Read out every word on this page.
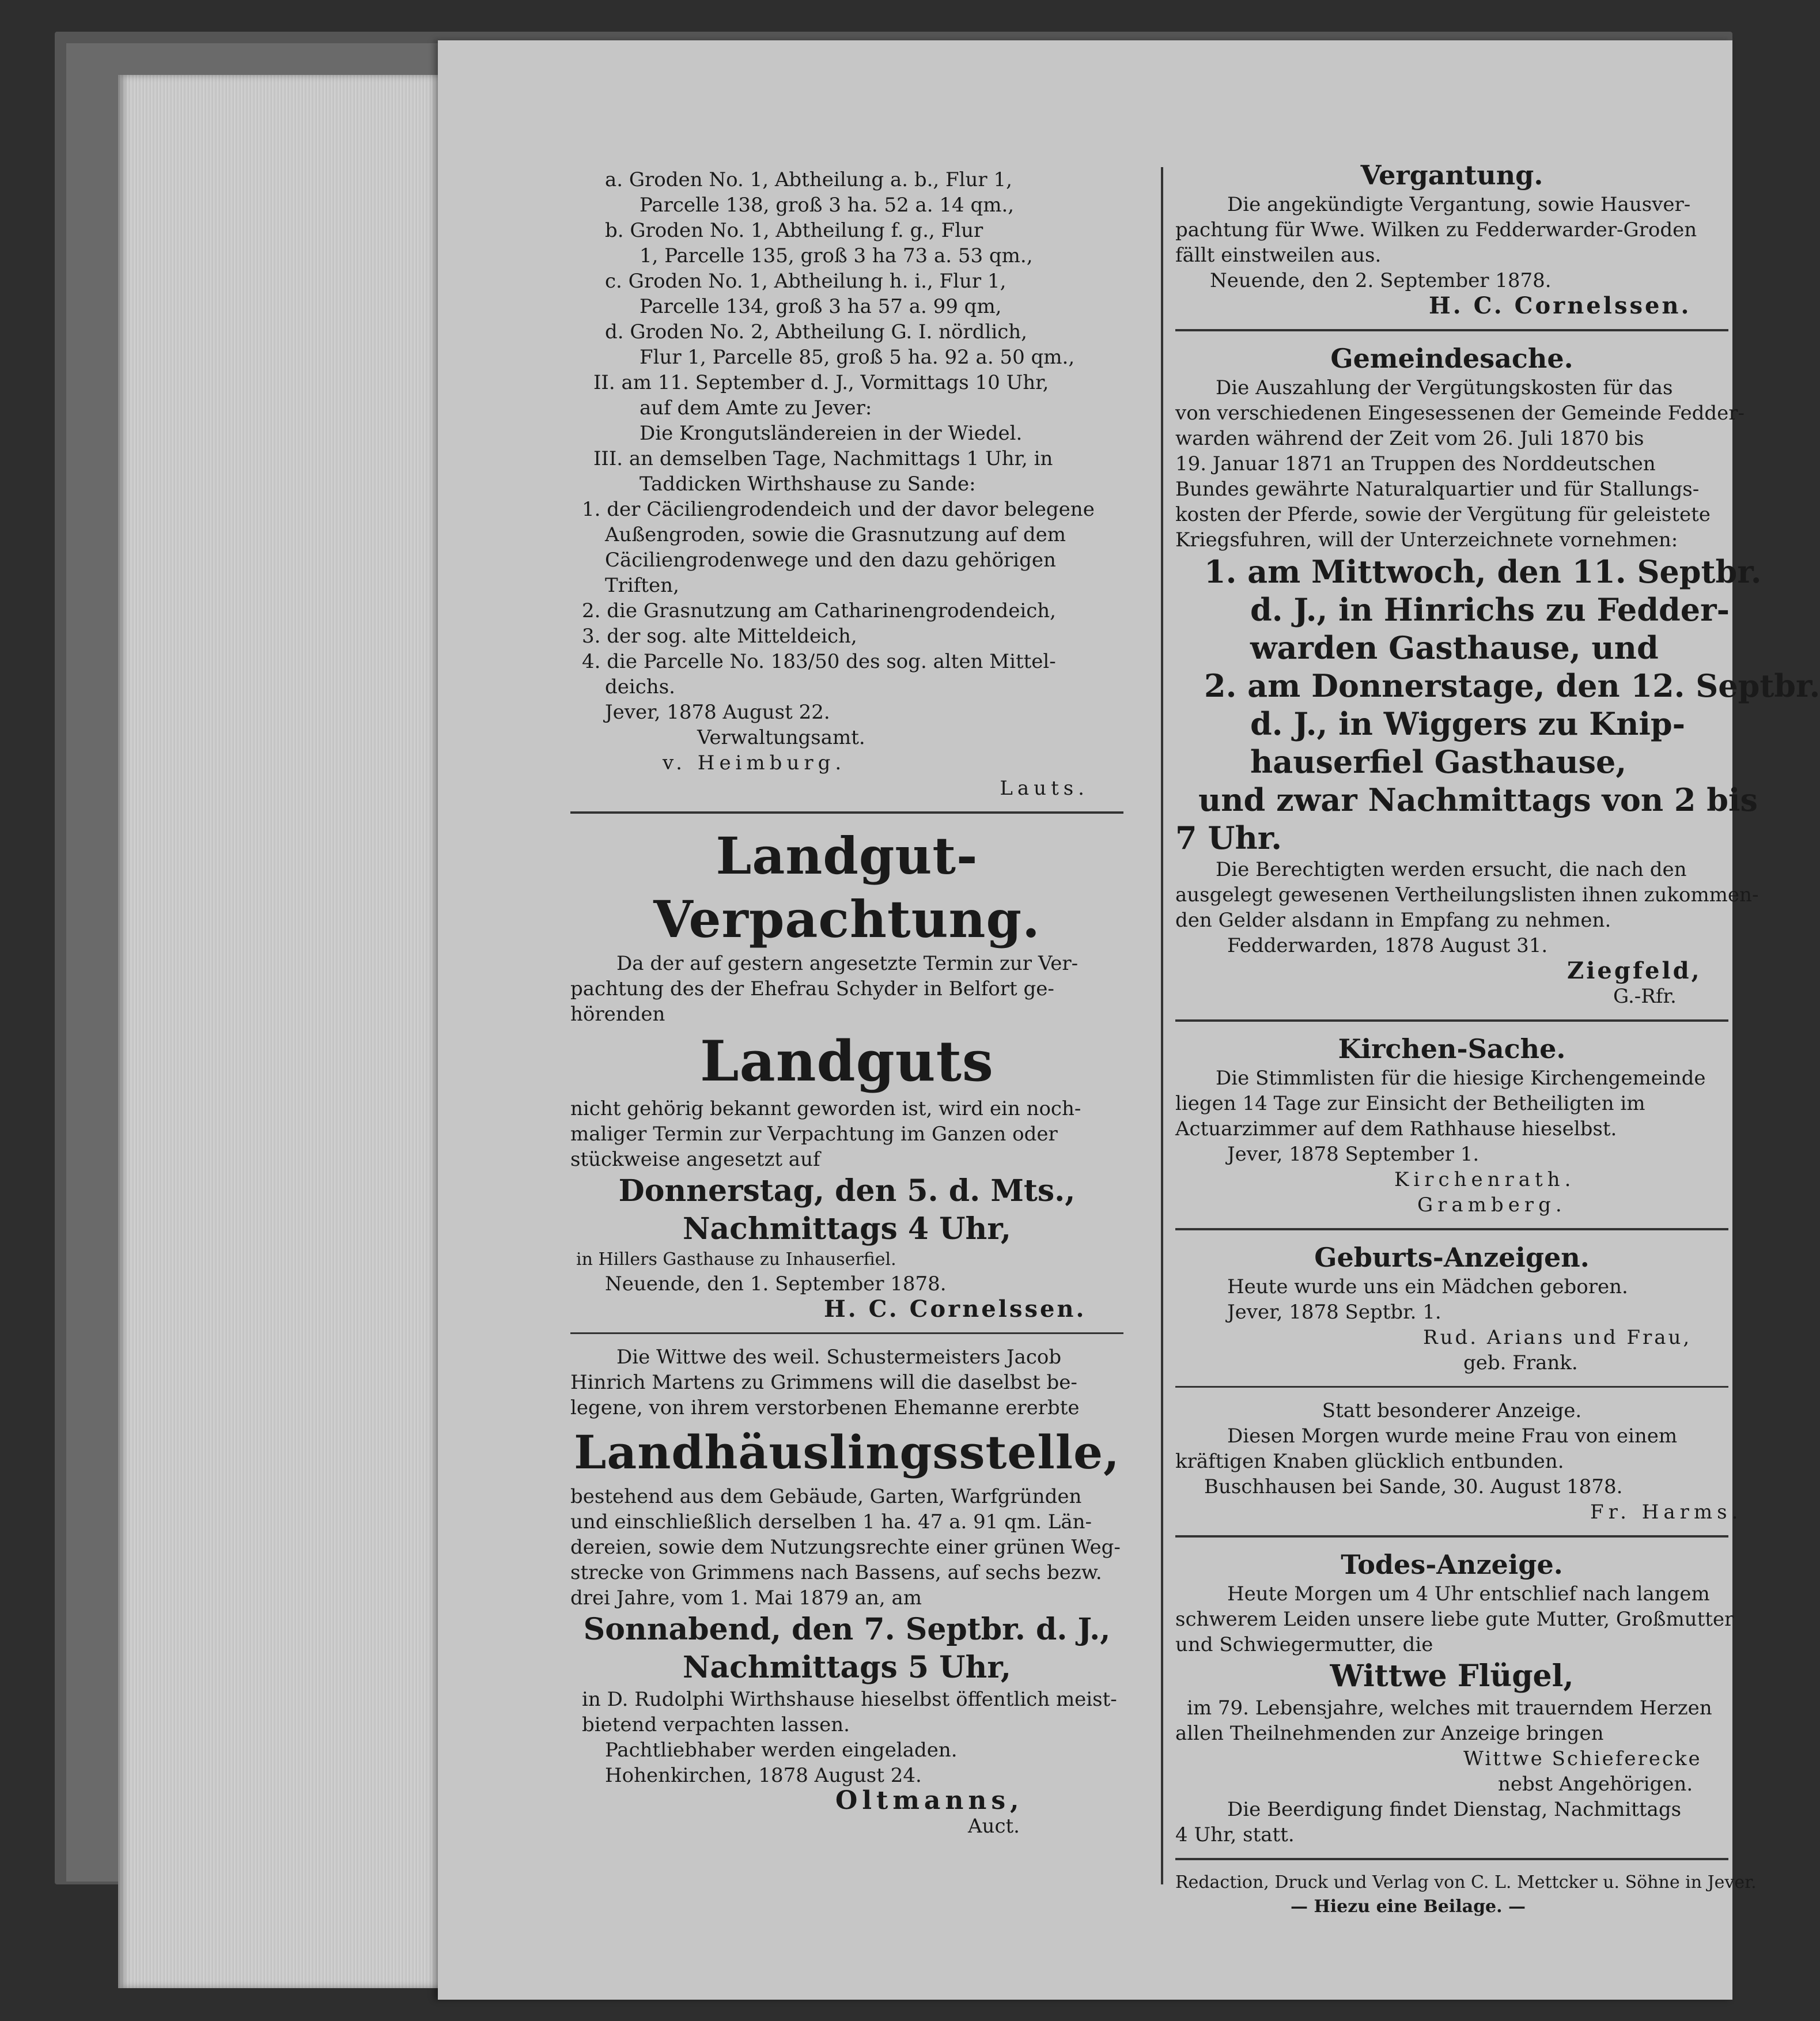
a. Groden No. 1, Abtheilung a. b., Flur 1,
Parcelle 138, groß 3 ha. 52 a. 14 qm.,
b. Groden No. 1, Abtheilung f. g., Flur
1, Parcelle 135, groß 3 ha 73 a. 53 qm.,
c. Groden No. 1, Abtheilung h. i., Flur 1,
Parcelle 134, groß 3 ha 57 a. 99 qm,
d. Groden No. 2, Abtheilung G. I. nördlich,
Flur 1, Parcelle 85, groß 5 ha. 92 a. 50 qm.,
II. am 11. September d. J., Vormittags 10 Uhr,
auf dem Amte zu Jever:
Die Krongutsländereien in der Wiedel.
III. an demselben Tage, Nachmittags 1 Uhr, in
Taddicken Wirthshause zu Sande:
1. der Cäciliengrodendeich und der davor belegene
Außengroden, sowie die Grasnutzung auf dem
Cäciliengrodenwege und den dazu gehörigen
Triften,
2. die Grasnutzung am Catharinengrodendeich,
3. der sog. alte Mitteldeich,
4. die Parcelle No. 183/50 des sog. alten Mittel-
deichs.
Jever, 1878 August 22.
Verwaltungsamt.
v. Heimburg.
Lauts.
Landgut-Verpachtung.
Da der auf gestern angesetzte Termin zur Ver-
pachtung des der Ehefrau Schyder in Belfort ge-
hörenden
Landguts
nicht gehörig bekannt geworden ist, wird ein noch-
maliger Termin zur Verpachtung im Ganzen oder
stückweise angesetzt auf
Donnerstag, den 5. d. Mts.,
Nachmittags 4 Uhr,
in Hillers Gasthause zu Inhauserfiel.
Neuende, den 1. September 1878.
H. C. Cornelssen.
Die Wittwe des weil. Schustermeisters Jacob
Hinrich Martens zu Grimmens will die daselbst be-
legene, von ihrem verstorbenen Ehemanne ererbte
Landhäuslingsstelle,
bestehend aus dem Gebäude, Garten, Warfgründen
und einschließlich derselben 1 ha. 47 a. 91 qm. Län-
dereien, sowie dem Nutzungsrechte einer grünen Weg-
strecke von Grimmens nach Bassens, auf sechs bezw.
drei Jahre, vom 1. Mai 1879 an, am
Sonnabend, den 7. Septbr. d. J.,
Nachmittags 5 Uhr,
in D. Rudolphi Wirthshause hieselbst öffentlich meist-
bietend verpachten lassen.
Pachtliebhaber werden eingeladen.
Hohenkirchen, 1878 August 24.
Oltmanns,
Auct.
Vergantung.
Die angekündigte Vergantung, sowie Hausver-
pachtung für Wwe. Wilken zu Fedderwarder-Groden
fällt einstweilen aus.
Neuende, den 2. September 1878.
H. C. Cornelssen.
Gemeindesache.
Die Auszahlung der Vergütungskosten für das
von verschiedenen Eingesessenen der Gemeinde Fedder-
warden während der Zeit vom 26. Juli 1870 bis
19. Januar 1871 an Truppen des Norddeutschen
Bundes gewährte Naturalquartier und für Stallungs-
kosten der Pferde, sowie der Vergütung für geleistete
Kriegsfuhren, will der Unterzeichnete vornehmen:
1. am Mittwoch, den 11. Septbr.
d. J., in Hinrichs zu Fedder-
warden Gasthause, und
2. am Donnerstage, den 12. Septbr.
d. J., in Wiggers zu Knip-
hauserfiel Gasthause,
und zwar Nachmittags von 2 bis
7 Uhr.
Die Berechtigten werden ersucht, die nach den
ausgelegt gewesenen Vertheilungslisten ihnen zukommen-
den Gelder alsdann in Empfang zu nehmen.
Fedderwarden, 1878 August 31.
Ziegfeld,
G.-Rfr.
Kirchen-Sache.
Die Stimmlisten für die hiesige Kirchengemeinde
liegen 14 Tage zur Einsicht der Betheiligten im
Actuarzimmer auf dem Rathhause hieselbst.
Jever, 1878 September 1.
Kirchenrath.
Gramberg.
Geburts-Anzeigen.
Heute wurde uns ein Mädchen geboren.
Jever, 1878 Septbr. 1.
Rud. Arians und Frau,
geb. Frank.
Statt besonderer Anzeige.
Diesen Morgen wurde meine Frau von einem
kräftigen Knaben glücklich entbunden.
Buschhausen bei Sande, 30. August 1878.
Fr. Harms.
Todes-Anzeige.
Heute Morgen um 4 Uhr entschlief nach langem
schwerem Leiden unsere liebe gute Mutter, Großmutter
und Schwiegermutter, die
Wittwe Flügel,
im 79. Lebensjahre, welches mit trauerndem Herzen
allen Theilnehmenden zur Anzeige bringen
Wittwe Schieferecke
nebst Angehörigen.
Die Beerdigung findet Dienstag, Nachmittags
4 Uhr, statt.
Redaction, Druck und Verlag von C. L. Mettcker u. Söhne in Jever.
— Hiezu eine Beilage. —
